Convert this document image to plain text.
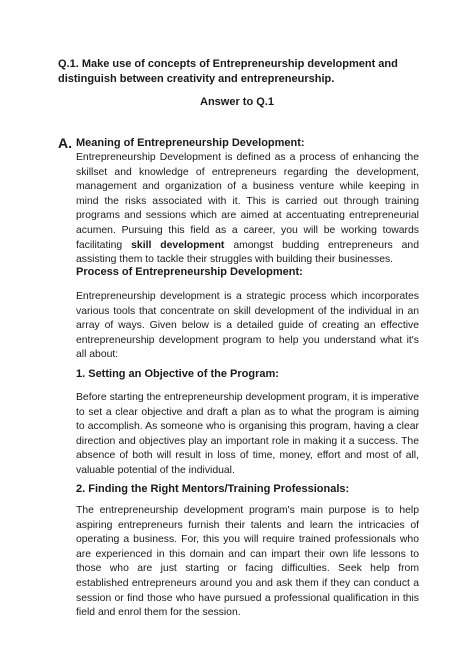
Q.1. Make use of concepts of Entrepreneurship development and distinguish between creativity and entrepreneurship.

Answer to Q.1

A. Meaning of Entrepreneurship Development:

Entrepreneurship Development is defined as a process of enhancing the skillset and knowledge of entrepreneurs regarding the development, management and organization of a business venture while keeping in mind the risks associated with it. This is carried out through training programs and sessions which are aimed at accentuating entrepreneurial acumen. Pursuing this field as a career, you will be working towards facilitating skill development amongst budding entrepreneurs and assisting them to tackle their struggles with building their businesses.

Process of Entrepreneurship Development:

Entrepreneurship development is a strategic process which incorporates various tools that concentrate on skill development of the individual in an array of ways. Given below is a detailed guide of creating an effective entrepreneurship development program to help you understand what it's all about:

1. Setting an Objective of the Program:

Before starting the entrepreneurship development program, it is imperative to set a clear objective and draft a plan as to what the program is aiming to accomplish. As someone who is organising this program, having a clear direction and objectives play an important role in making it a success. The absence of both will result in loss of time, money, effort and most of all, valuable potential of the individual.

2. Finding the Right Mentors/Training Professionals:

The entrepreneurship development program's main purpose is to help aspiring entrepreneurs furnish their talents and learn the intricacies of operating a business. For, this you will require trained professionals who are experienced in this domain and can impart their own life lessons to those who are just starting or facing difficulties. Seek help from established entrepreneurs around you and ask them if they can conduct a session or find those who have pursued a professional qualification in this field and enrol them for the session.
